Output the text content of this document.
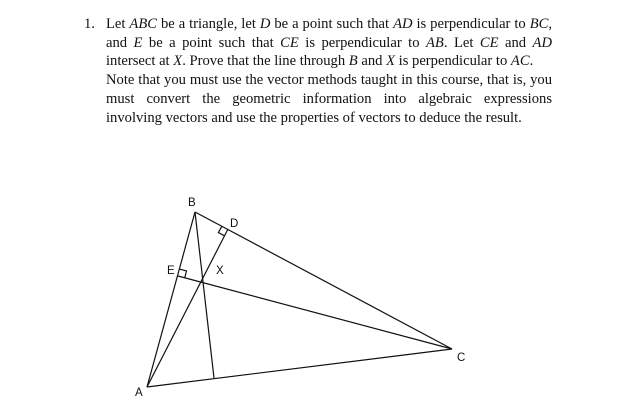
1. Let ABC be a triangle, let D be a point such that AD is perpendicular to BC, and E be a point such that CE is perpendicular to AB. Let CE and AD intersect at X. Prove that the line through B and X is perpendicular to AC.

Note that you must use the vector methods taught in this course, that is, you must convert the geometric information into algebraic expressions involving vectors and use the properties of vectors to deduce the result.

A
B
C
D
E	X
